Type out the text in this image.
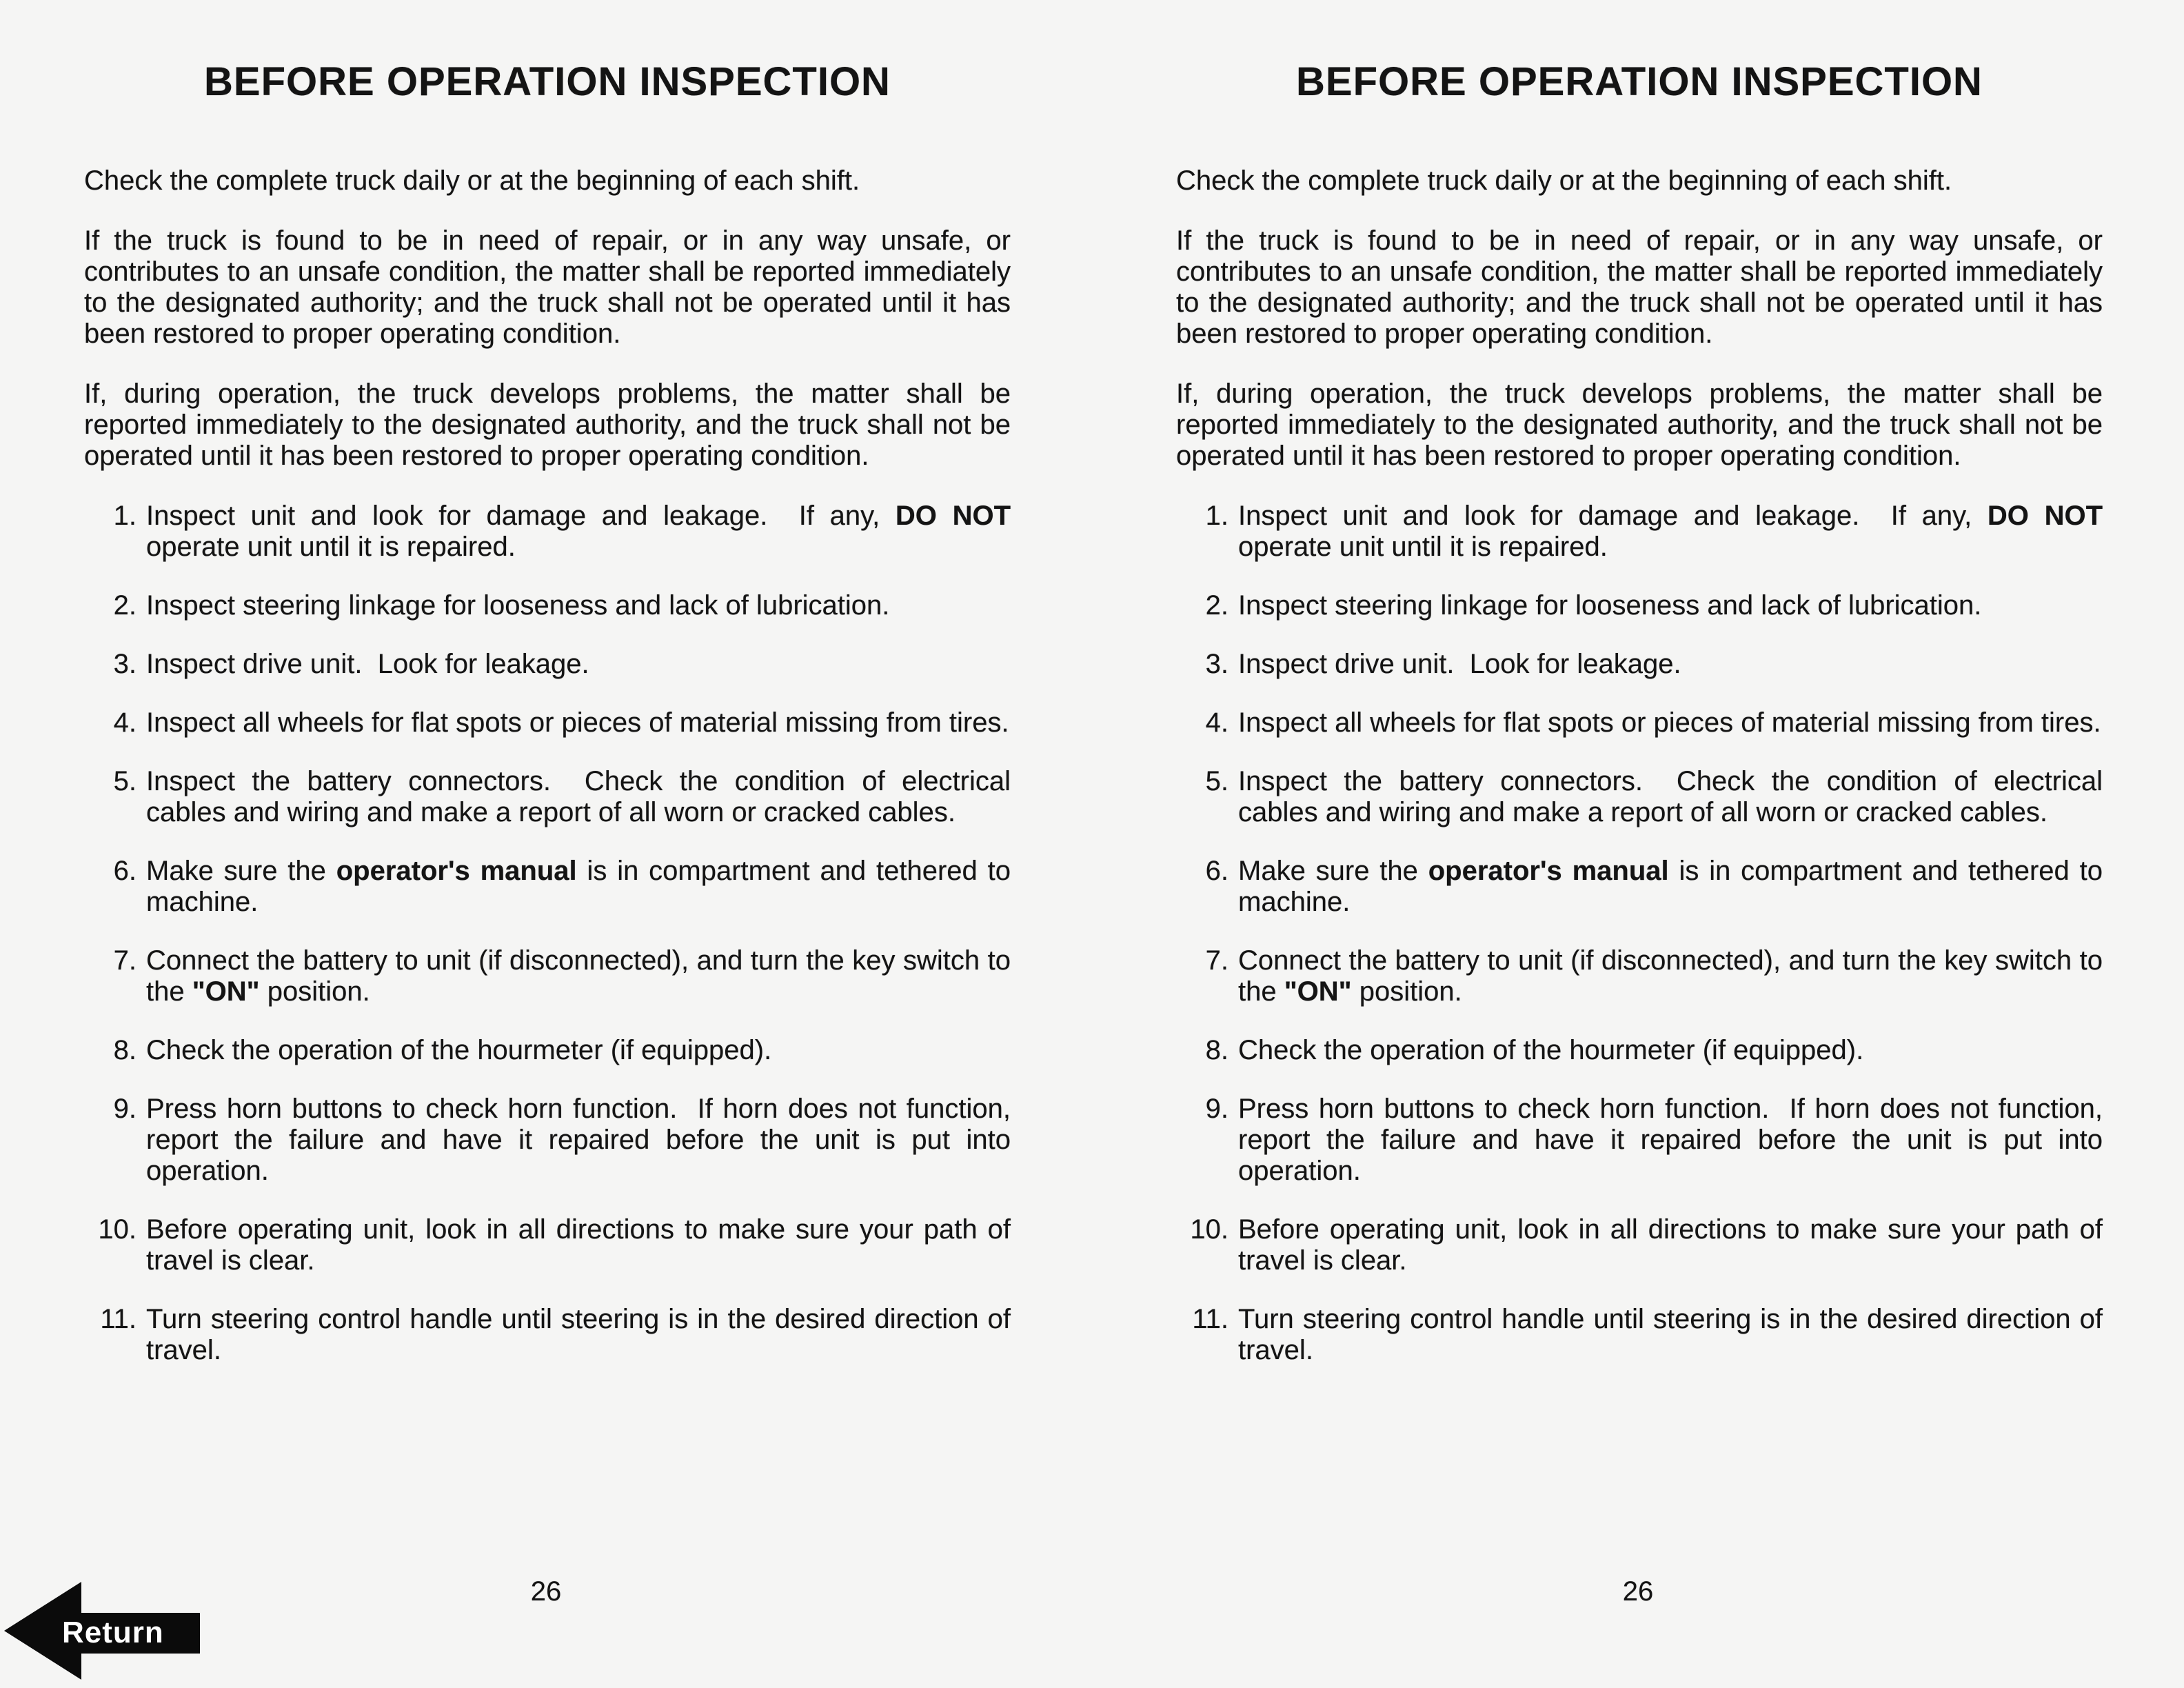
BEFORE OPERATION INSPECTION

Check the complete truck daily or at the beginning of each shift.

If the truck is found to be in need of repair, or in any way unsafe, or contributes to an unsafe condition, the matter shall be reported immediately to the designated authority; and the truck shall not be operated until it has been restored to proper operating condition.

If, during operation, the truck develops problems, the matter shall be reported immediately to the designated authority, and the truck shall not be operated until it has been restored to proper operating condition.

1. Inspect unit and look for damage and leakage.  If any, DO NOT operate unit until it is repaired.
2. Inspect steering linkage for looseness and lack of lubrication.
3. Inspect drive unit.  Look for leakage.
4. Inspect all wheels for flat spots or pieces of material missing from tires.
5. Inspect the battery connectors.  Check the condition of electrical cables and wiring and make a report of all worn or cracked cables.
6. Make sure the operator's manual is in compartment and tethered to machine.
7. Connect the battery to unit (if disconnected), and turn the key switch to the "ON" position.
8. Check the operation of the hourmeter (if equipped).
9. Press horn buttons to check horn function.  If horn does not function, report the failure and have it repaired before the unit is put into operation.
10. Before operating unit, look in all directions to make sure your path of travel is clear.
11. Turn steering control handle until steering is in the desired direction of travel.
26
BEFORE OPERATION INSPECTION

Check the complete truck daily or at the beginning of each shift.

If the truck is found to be in need of repair, or in any way unsafe, or contributes to an unsafe condition, the matter shall be reported immediately to the designated authority; and the truck shall not be operated until it has been restored to proper operating condition.

If, during operation, the truck develops problems, the matter shall be reported immediately to the designated authority, and the truck shall not be operated until it has been restored to proper operating condition.

1. Inspect unit and look for damage and leakage.  If any, DO NOT operate unit until it is repaired.
2. Inspect steering linkage for looseness and lack of lubrication.
3. Inspect drive unit.  Look for leakage.
4. Inspect all wheels for flat spots or pieces of material missing from tires.
5. Inspect the battery connectors.  Check the condition of electrical cables and wiring and make a report of all worn or cracked cables.
6. Make sure the operator's manual is in compartment and tethered to machine.
7. Connect the battery to unit (if disconnected), and turn the key switch to the "ON" position.
8. Check the operation of the hourmeter (if equipped).
9. Press horn buttons to check horn function.  If horn does not function, report the failure and have it repaired before the unit is put into operation.
10. Before operating unit, look in all directions to make sure your path of travel is clear.
11. Turn steering control handle until steering is in the desired direction of travel.
26
Return
